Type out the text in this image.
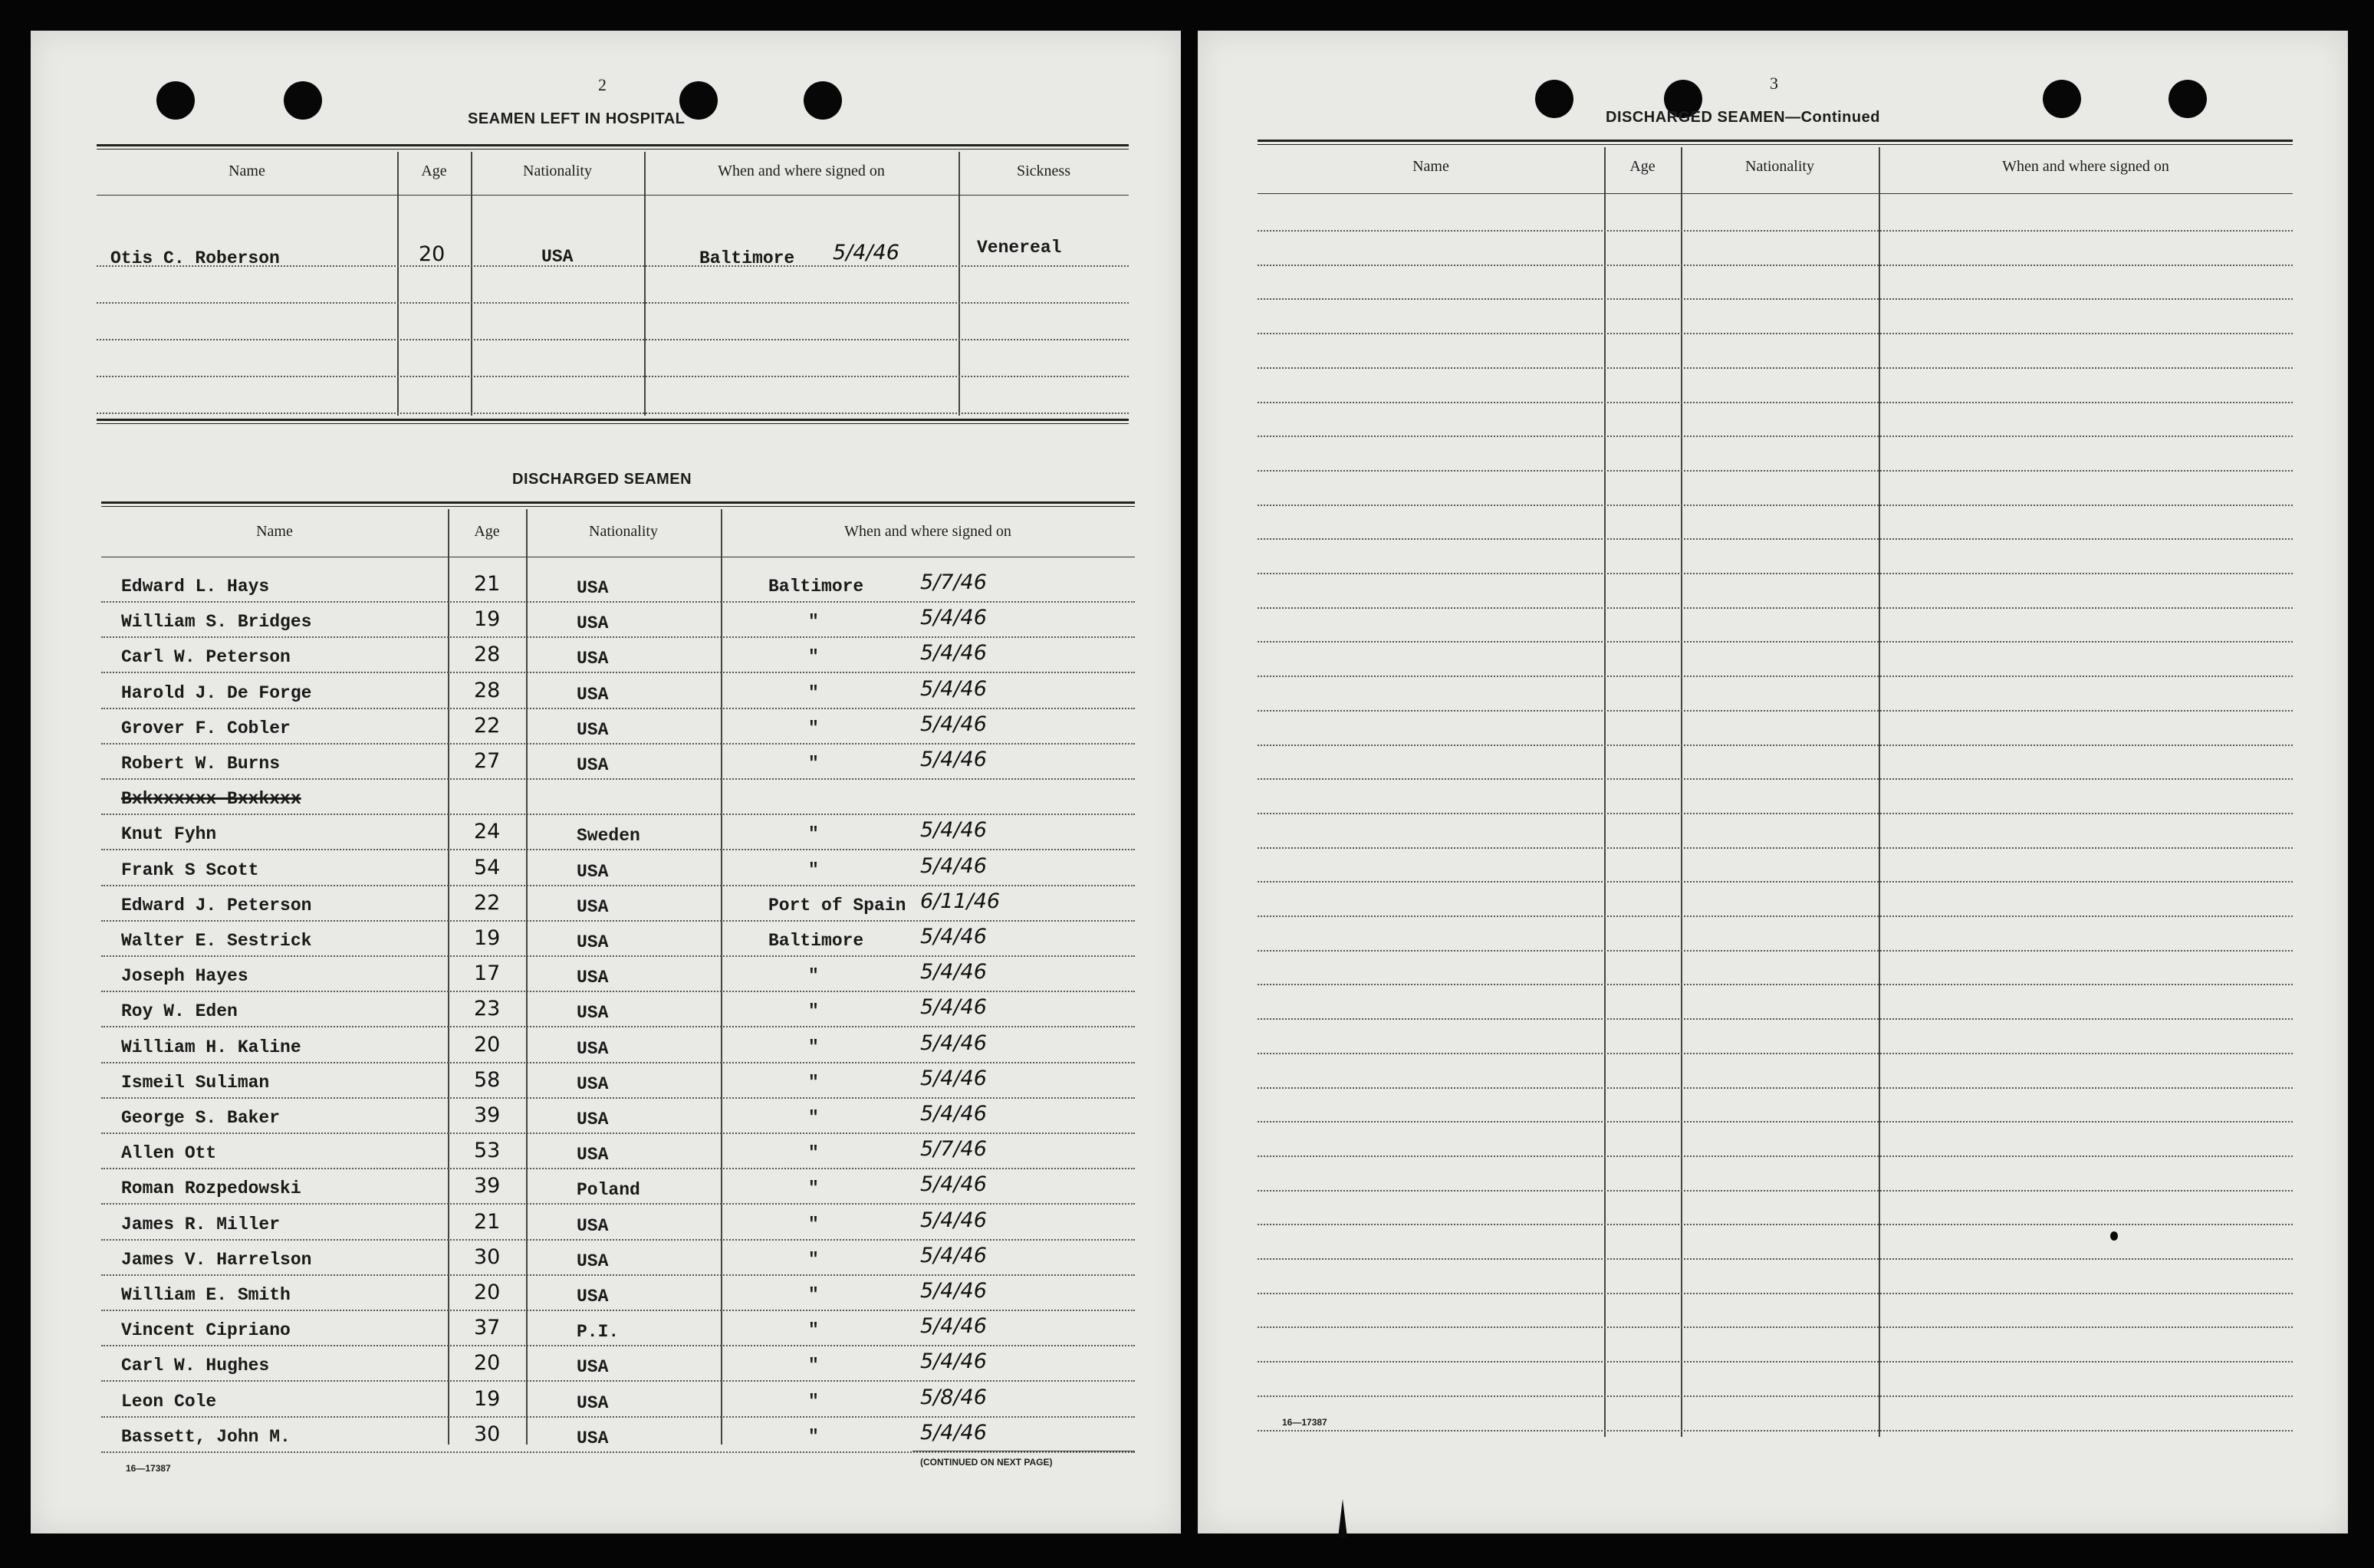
2
SEAMEN LEFT IN HOSPITAL
Name	Age	Nationality	When and where signed on	Sickness
Otis C. Roberson	20	USA	Baltimore 5/4/46	Venereal
DISCHARGED SEAMEN
Name	Age	Nationality	When and where signed on
Edward L. Hays	21	USA	Baltimore	5/7/46
William S. Bridges	19	USA	"	5/4/46
Carl W. Peterson	28	USA	"	5/4/46
Harold J. De Forge	28	USA	"	5/4/46
Grover F. Cobler	22	USA	"	5/4/46
Robert W. Burns	27	USA	"	5/4/46
Bxkxxxxxx Bxxkxxx
Knut Fyhn	24	Sweden	"	5/4/46
Frank S Scott	54	USA	"	5/4/46
Edward J. Peterson	22	USA	Port of Spain 6/11/46
Walter E. Sestrick	19	USA	Baltimore	5/4/46
Joseph Hayes	17	USA	"	5/4/46
Roy W. Eden	23	USA	"	5/4/46
William H. Kaline	20	USA	"	5/4/46
Ismeil Suliman	58	USA	"	5/4/46
George S. Baker	39	USA	"	5/4/46
Allen Ott	53	USA	"	5/7/46
Roman Rozpedowski	39	Poland	"	5/4/46
James R. Miller	21	USA	"	5/4/46
James V. Harrelson	30	USA	"	5/4/46
William E. Smith	20	USA	"	5/4/46
Vincent Cipriano	37	P.I.	"	5/4/46
Carl W. Hughes	20	USA	"	5/4/46
Leon Cole	19	USA	"	5/8/46
Bassett, John M.	30	USA	"	5/4/46
16—17387
(CONTINUED ON NEXT PAGE)
3
DISCHARGED SEAMEN—Continued
Name	Age	Nationality	When and where signed on
16—17387
